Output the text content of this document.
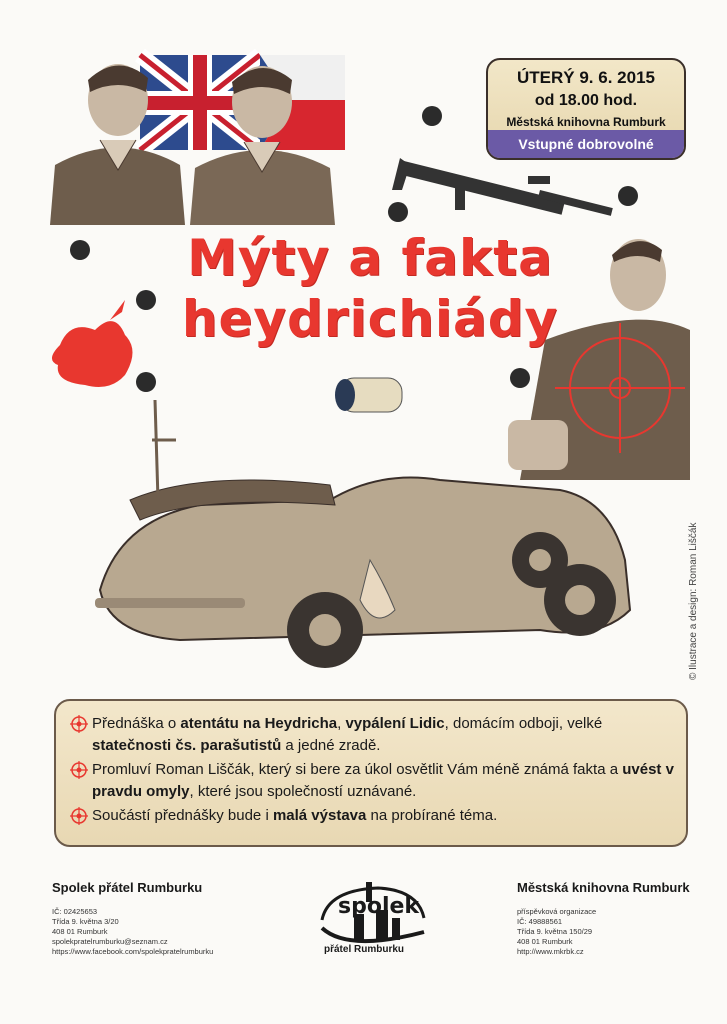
ÚTERÝ 9. 6. 2015
od 18.00 hod.
Městská knihovna Rumburk
Vstupné dobrovolné
Mýty a fakta
heydrichiády
© Ilustrace a design: Roman Liščák
Přednáška o atentátu na Heydricha, vypálení Lidic, domácím odboji, velké statečnosti čs. parašutistů a jedné zradě.
Promluví Roman Liščák, který si bere za úkol osvětlit Vám méně známá fakta a uvést v pravdu omyly, které jsou společností uznávané.
Součástí přednášky bude i malá výstava na probírané téma.
Spolek přátel Rumburku
IČ: 02425653
Třída 9. května 3/20
408 01 Rumburk
spolekpratelrumburku@seznam.cz
https://www.facebook.com/spolekpratelrumburku
spolek
přátel Rumburku
Městská knihovna Rumburk
příspěvková organizace
IČ: 49888561
Třída 9. května 150/29
408 01 Rumburk
http://www.mkrbk.cz
